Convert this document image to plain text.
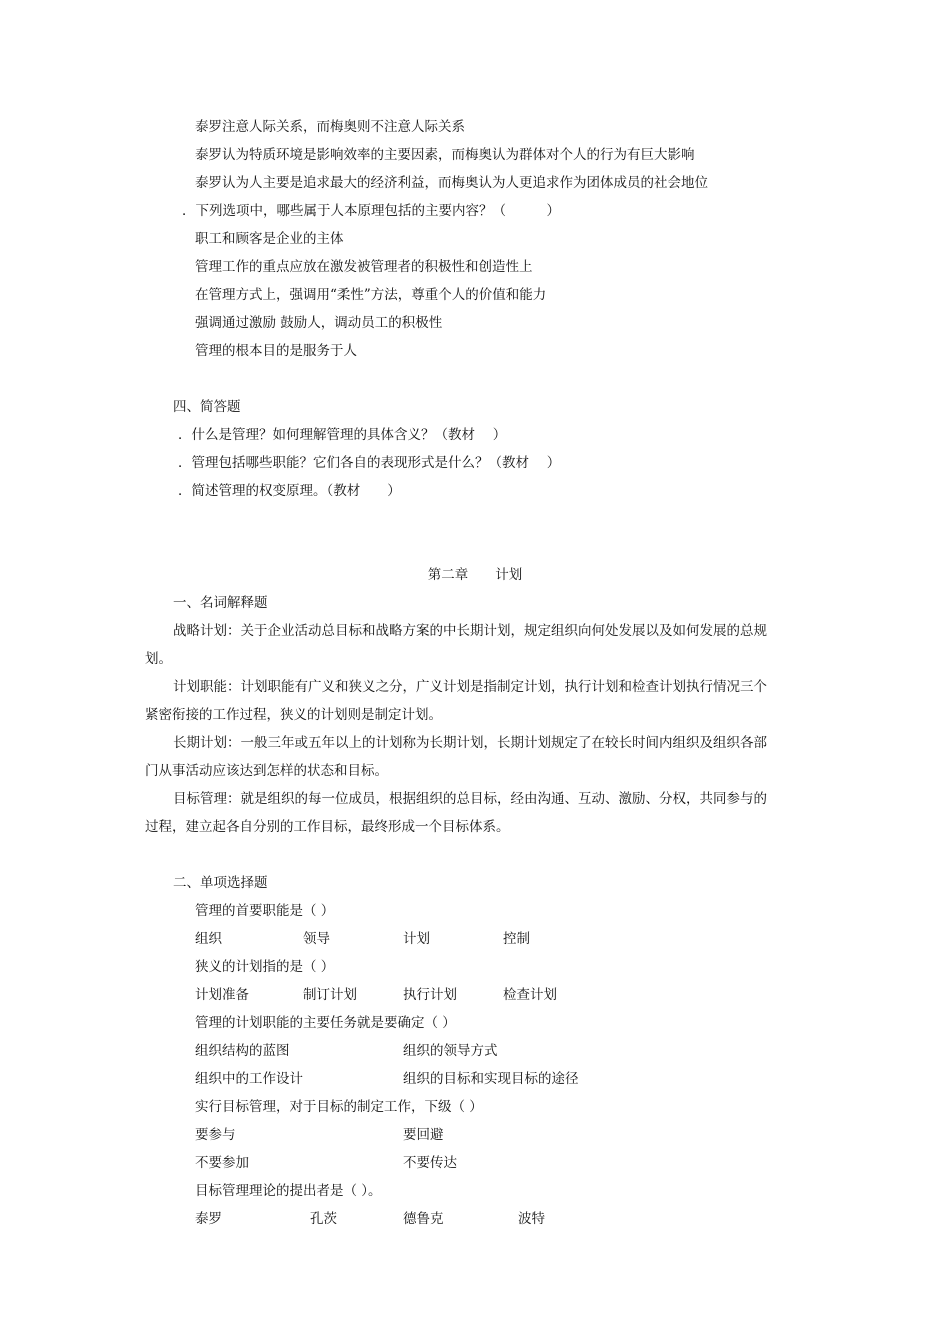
泰罗注意人际关系，而梅奥则不注意人际关系
泰罗认为特质环境是影响效率的主要因素，而梅奥认为群体对个人的行为有巨大影响
泰罗认为人主要是追求最大的经济利益，而梅奥认为人更追求作为团体成员的社会地位
．下列选项中，哪些属于人本原理包括的主要内容？（　　　）
职工和顾客是企业的主体
管理工作的重点应放在激发被管理者的积极性和创造性上
在管理方式上，强调用“柔性”方法，尊重个人的价值和能力
强调通过激励 鼓励人，调动员工的积极性
管理的根本目的是服务于人
四、简答题
．什么是管理？如何理解管理的具体含义？（教材　 ）
．管理包括哪些职能？它们各自的表现形式是什么？（教材　 ）
．简述管理的权变原理。（教材　　）
第二章　　计划
一、名词解释题
战略计划：关于企业活动总目标和战略方案的中长期计划，规定组织向何处发展以及如何发展的总规
划。
计划职能：计划职能有广义和狭义之分，广义计划是指制定计划，执行计划和检查计划执行情况三个
紧密衔接的工作过程，狭义的计划则是制定计划。
长期计划：一般三年或五年以上的计划称为长期计划，长期计划规定了在较长时间内组织及组织各部
门从事活动应该达到怎样的状态和目标。
目标管理：就是组织的每一位成员，根据组织的总目标，经由沟通、互动、激励、分权，共同参与的
过程，建立起各自分别的工作目标，最终形成一个目标体系。
二、单项选择题
管理的首要职能是（ ）
组织	领导	计划	控制
狭义的计划指的是（ ）
计划准备	制订计划	执行计划	检查计划
管理的计划职能的主要任务就是要确定（ ）
组织结构的蓝图	组织的领导方式
组织中的工作设计	组织的目标和实现目标的途径
实行目标管理，对于目标的制定工作，下级（ ）
要参与	要回避
不要参加	不要传达
目标管理理论的提出者是（ ）。
泰罗	孔茨	德鲁克	波特
